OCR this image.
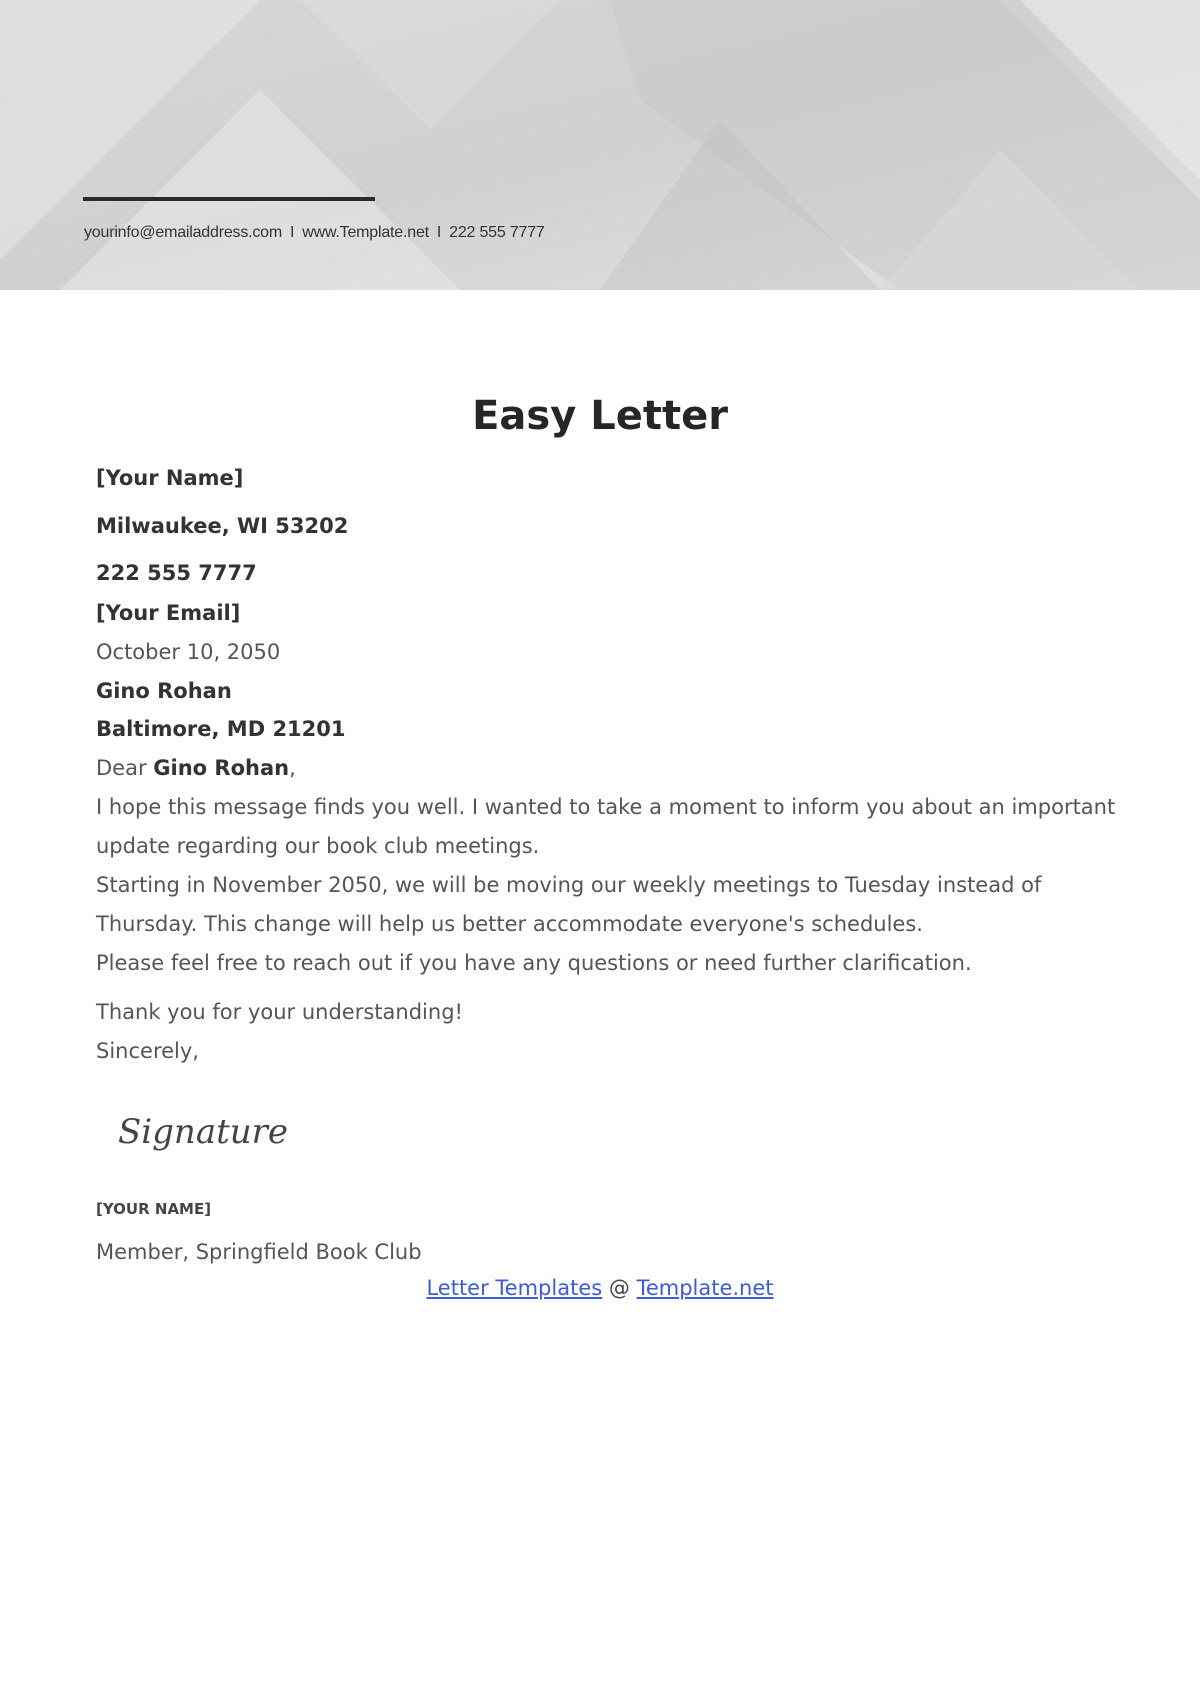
yourinfo@emailaddress.com I www.Template.net I 222 555 7777
Easy Letter
[Your Name]
Milwaukee, WI 53202
222 555 7777
[Your Email]
October 10, 2050
Gino Rohan
Baltimore, MD 21201
Dear Gino Rohan,
I hope this message finds you well. I wanted to take a moment to inform you about an important
update regarding our book club meetings.
Starting in November 2050, we will be moving our weekly meetings to Tuesday instead of
Thursday. This change will help us better accommodate everyone's schedules.
Please feel free to reach out if you have any questions or need further clarification.
Thank you for your understanding!
Sincerely,
Signature
[YOUR NAME]
Member, Springfield Book Club
Letter Templates @ Template.net
